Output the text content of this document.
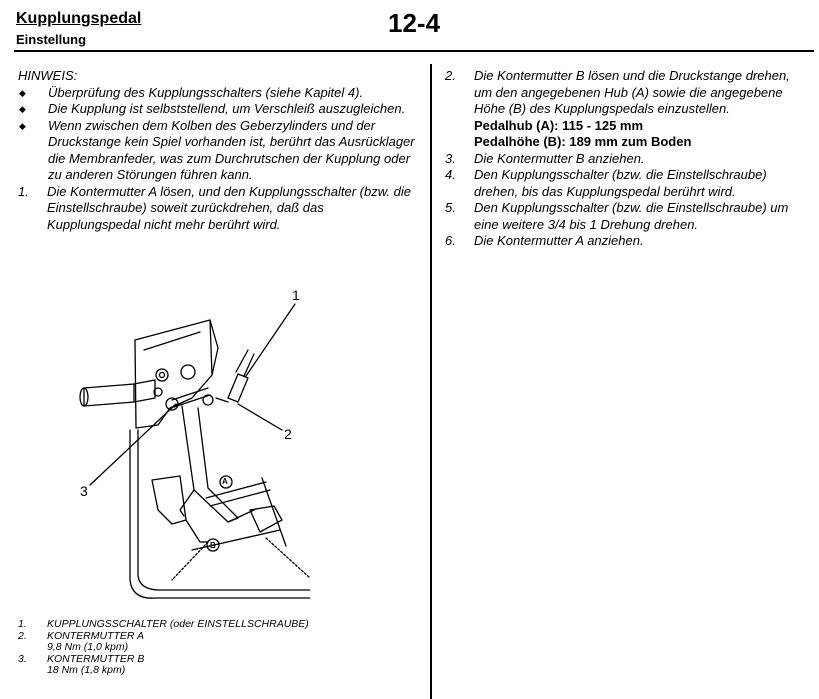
Kupplungspedal
Einstellung
12-4
HINWEIS:
◆	Überprüfung des Kupplungsschalters (siehe Kapitel 4).
◆	Die Kupplung ist selbststellend, um Verschleiß auszugleichen.
◆	Wenn zwischen dem Kolben des Geberzylinders und der Druckstange kein Spiel vorhanden ist, berührt das Ausrücklager die Membranfeder, was zum Durchrutschen der Kupplung oder zu anderen Störungen führen kann.
1.	Die Kontermutter A lösen, und den Kupplungsschalter (bzw. die Einstellschraube) soweit zurückdrehen, daß das Kupplungspedal nicht mehr berührt wird.
2.	Die Kontermutter B lösen und die Druckstange drehen, um den angegebenen Hub (A) sowie die angegebene Höhe (B) des Kupplungspedals einzustellen.
Pedalhub (A): 115 - 125 mm
Pedalhöhe (B): 189 mm zum Boden
3.	Die Kontermutter B anziehen.
4.	Den Kupplungsschalter (bzw. die Einstellschraube) drehen, bis das Kupplungspedal berührt wird.
5.	Den Kupplungsschalter (bzw. die Einstellschraube) um eine weitere 3/4 bis 1 Drehung drehen.
6.	Die Kontermutter A anziehen.
A
B
1
2
3
1.	KUPPLUNGSSCHALTER (oder EINSTELLSCHRAUBE)
2.	KONTERMUTTER A
9,8 Nm (1,0 kpm)
3.	KONTERMUTTER B
18 Nm (1,8 kpm)
